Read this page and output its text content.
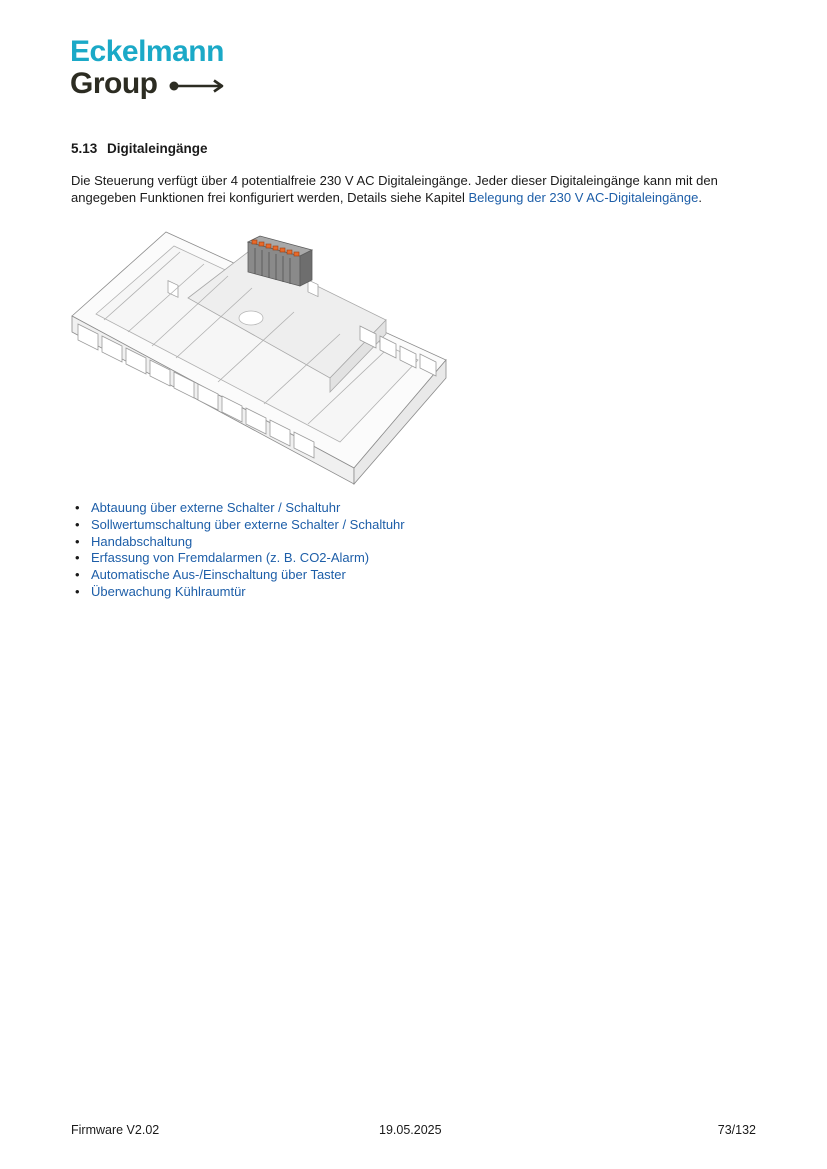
Eckelmann
Group
5.13 Digitaleingänge

Die Steuerung verfügt über 4 potentialfreie 230 V AC Digitaleingänge. Jeder dieser Digitaleingänge kann mit den angegeben Funktionen frei konfiguriert werden, Details siehe Kapitel Belegung der 230 V AC-Digitaleingänge.

• Abtauung über externe Schalter / Schaltuhr
• Sollwertumschaltung über externe Schalter / Schaltuhr
• Handabschaltung
• Erfassung von Fremdalarmen (z. B. CO2-Alarm)
• Automatische Aus-/Einschaltung über Taster
• Überwachung Kühlraumtür
Firmware V2.02	19.05.2025	73/132
